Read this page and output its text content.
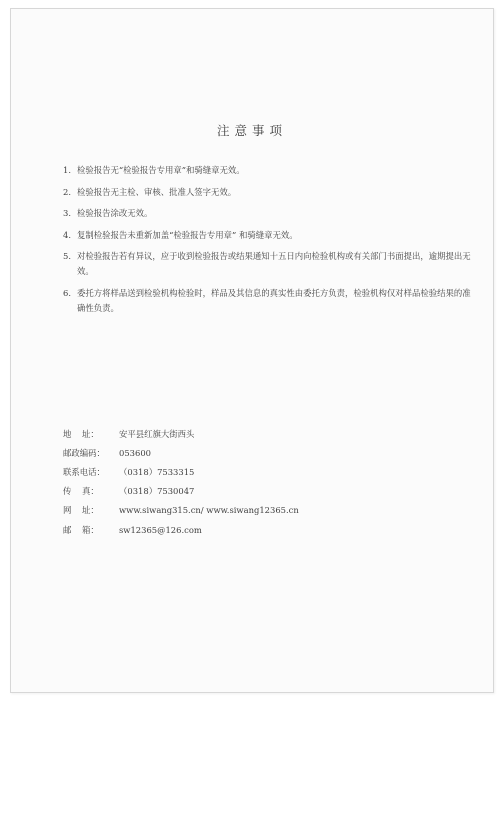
注意事项
1. 检验报告无“检验报告专用章”和骑缝章无效。
2. 检验报告无主检、审核、批准人签字无效。
3. 检验报告涂改无效。
4. 复制检验报告未重新加盖“检验报告专用章” 和骑缝章无效。
5. 对检验报告若有异议，应于收到检验报告或结果通知十五日内向检验机构或有关部门书面提出，逾期提出无效。
6. 委托方将样品送到检验机构检验时，样品及其信息的真实性由委托方负责，检验机构仅对样品检验结果的准确性负责。
地    址：	安平县红旗大街西头
邮政编码：	053600
联系电话：	（0318）7533315
传    真：	（0318）7530047
网    址：	www.siwang315.cn/ www.siwang12365.cn
邮    箱：	sw12365@126.com
